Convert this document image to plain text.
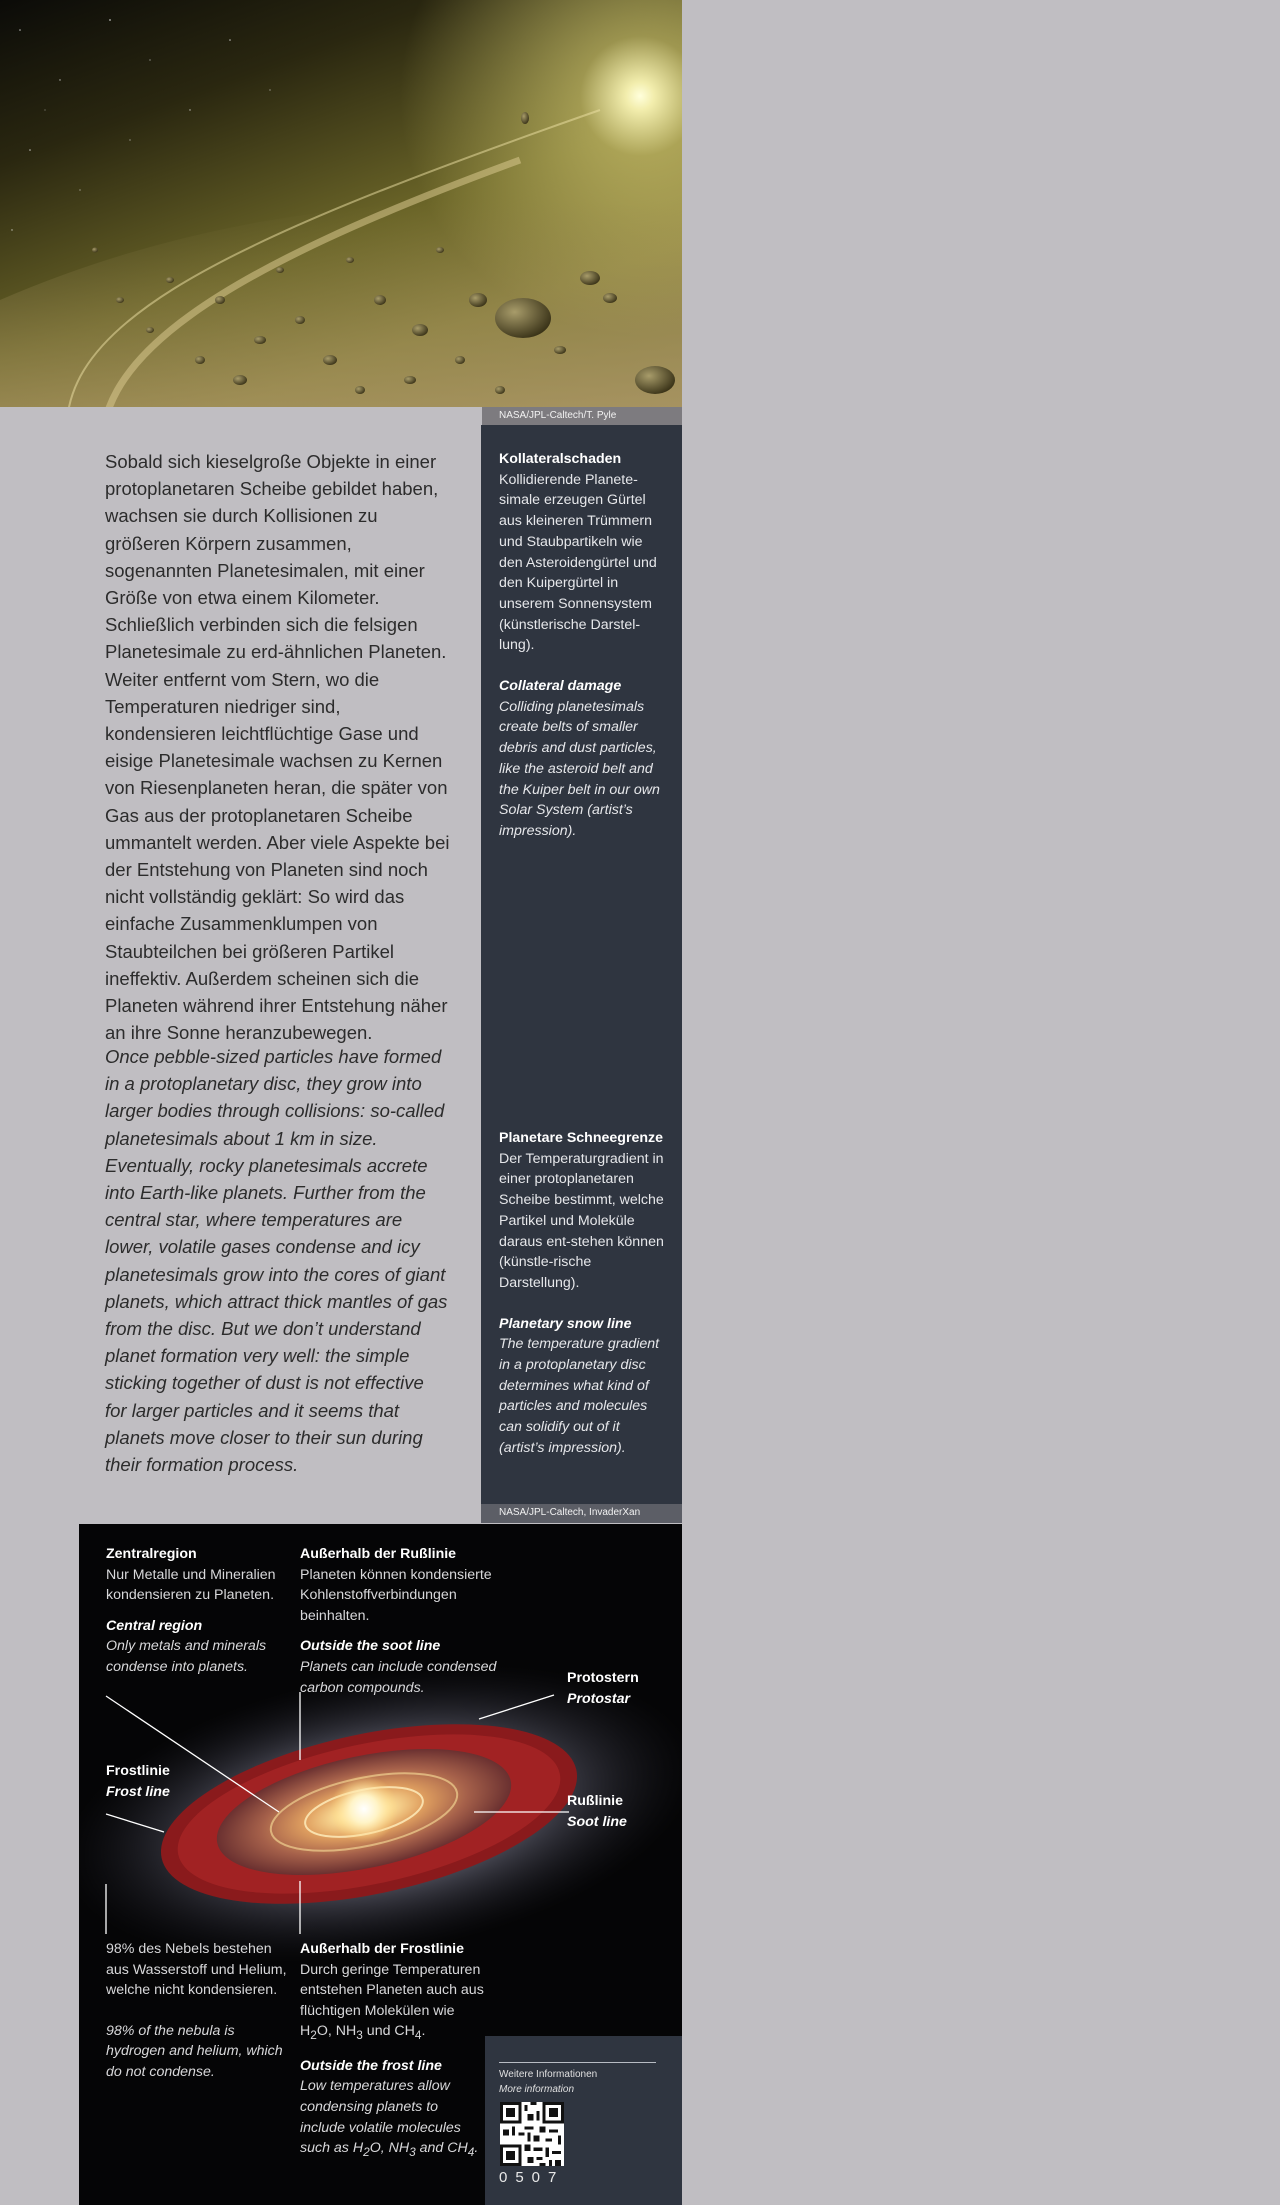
NASA/JPL-Caltech/T. Pyle

Sobald sich kieselgroße Objekte in einer protoplanetaren Scheibe gebildet haben, wachsen sie durch Kollisionen zu größeren Körpern zusammen, sogenannten Planetesimalen, mit einer Größe von etwa einem Kilometer. Schließlich verbinden sich die felsigen Planetesimale zu erd-ähnlichen Planeten. Weiter entfernt vom Stern, wo die Temperaturen niedriger sind, kondensieren leichtflüchtige Gase und eisige Planetesimale wachsen zu Kernen von Riesenplaneten heran, die später von Gas aus der protoplanetaren Scheibe ummantelt werden. Aber viele Aspekte bei der Entstehung von Planeten sind noch nicht vollständig geklärt: So wird das einfache Zusammenklumpen von Staubteilchen bei größeren Partikel ineffektiv. Außerdem scheinen sich die Planeten während ihrer Entstehung näher an ihre Sonne heranzubewegen.

Once pebble-sized particles have formed in a protoplanetary disc, they grow into larger bodies through collisions: so-called planetesimals about 1 km in size. Eventually, rocky planetesimals accrete into Earth-like planets. Further from the central star, where temperatures are lower, volatile gases condense and icy planetesimals grow into the cores of giant planets, which attract thick mantles of gas from the disc. But we don’t understand planet formation very well: the simple sticking together of dust is not effective for larger particles and it seems that planets move closer to their sun during their formation process.

Kollateralschaden
Kollidierende Planete-simale erzeugen Gürtel aus kleineren Trümmern und Staubpartikeln wie den Asteroidengürtel und den Kuipergürtel in unserem Sonnensystem (künstlerische Darstel-lung).
Collateral damage
Colliding planetesimals create belts of smaller debris and dust particles, like the asteroid belt and the Kuiper belt in our own Solar System (artist’s impression).
Planetare Schneegrenze
Der Temperaturgradient in einer protoplanetaren Scheibe bestimmt, welche Partikel und Moleküle daraus ent-stehen können (künstle-rische Darstellung).
Planetary snow line
The temperature gradient in a protoplanetary disc determines what kind of particles and molecules can solidify out of it (artist’s impression).
NASA/JPL-Caltech, InvaderXan
Zentralregion
Nur Metalle und Mineralien kondensieren zu Planeten.
Central region
Only metals and minerals condense into planets.
Außerhalb der Rußlinie
Planeten können kondensierte Kohlenstoffverbindungen beinhalten.
Outside the soot line
Planets can include condensed carbon compounds.
Protostern
Protostar
Frostlinie
Frost line
Rußlinie
Soot line
98% des Nebels bestehen aus Wasserstoff und Helium, welche nicht kondensieren.
98% of the nebula is hydrogen and helium, which do not condense.
Außerhalb der Frostlinie
Durch geringe Temperaturen entstehen Planeten auch aus flüchtigen Molekülen wie $H_2O$, $NH_3$ und $CH_4$.
Outside the frost line
Low temperatures allow condensing planets to include volatile molecules such as $H_2O$, $NH_3$ and $CH_4$.
Weitere Informationen
More information
0507
